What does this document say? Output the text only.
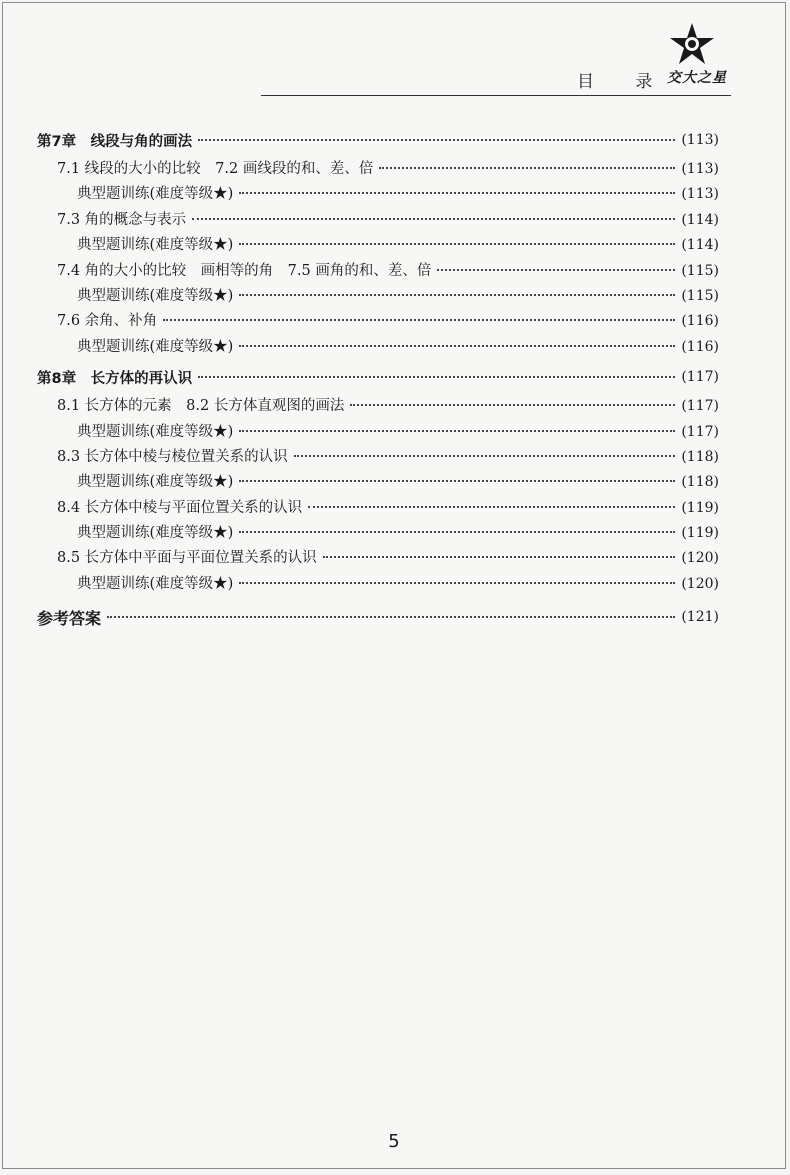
目 录
交大之星
第7章　线段与角的画法	(113)
7.1 线段的大小的比较　7.2 画线段的和、差、倍	(113)
典型题训练(难度等级★)	(113)
7.3 角的概念与表示	(114)
典型题训练(难度等级★)	(114)
7.4 角的大小的比较　画相等的角　7.5 画角的和、差、倍	(115)
典型题训练(难度等级★)	(115)
7.6 余角、补角	(116)
典型题训练(难度等级★)	(116)
第8章　长方体的再认识	(117)
8.1 长方体的元素　8.2 长方体直观图的画法	(117)
典型题训练(难度等级★)	(117)
8.3 长方体中棱与棱位置关系的认识	(118)
典型题训练(难度等级★)	(118)
8.4 长方体中棱与平面位置关系的认识	(119)
典型题训练(难度等级★)	(119)
8.5 长方体中平面与平面位置关系的认识	(120)
典型题训练(难度等级★)	(120)
参考答案	(121)
5
